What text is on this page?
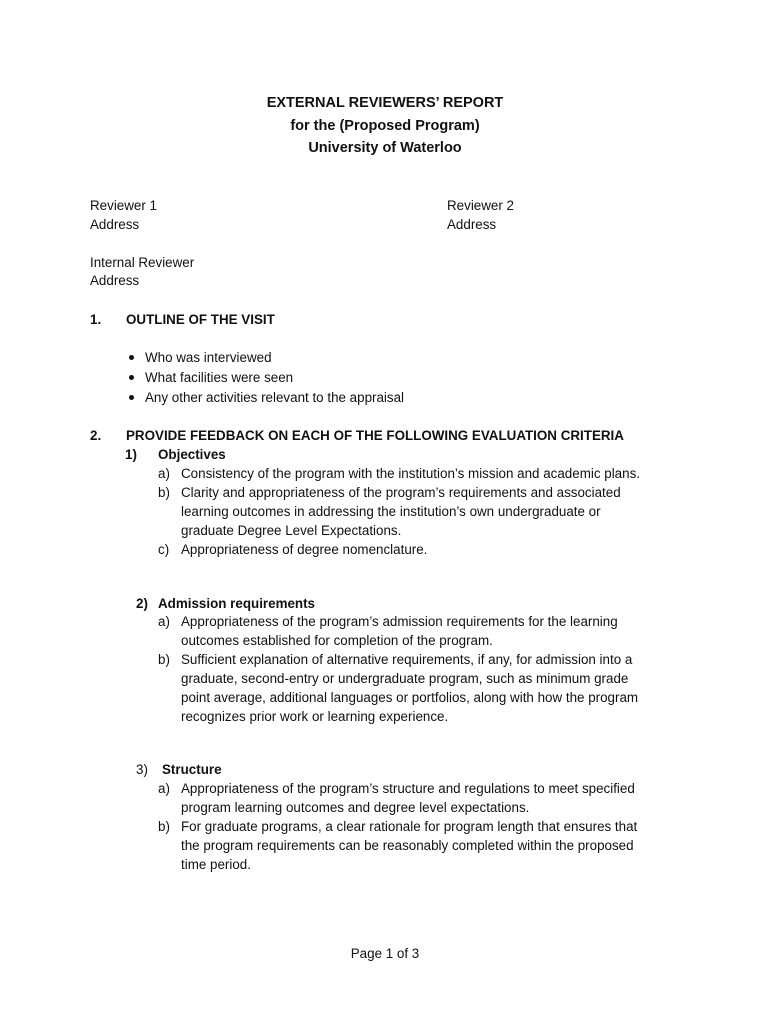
EXTERNAL REVIEWERS’ REPORT
for the (Proposed Program)
University of Waterloo
Reviewer 1
Address
Reviewer 2
Address
Internal Reviewer
Address
1. OUTLINE OF THE VISIT
Who was interviewed
What facilities were seen
Any other activities relevant to the appraisal
2. PROVIDE FEEDBACK ON EACH OF THE FOLLOWING EVALUATION CRITERIA
1) Objectives
a) Consistency of the program with the institution’s mission and academic plans.
b) Clarity and appropriateness of the program’s requirements and associated
learning outcomes in addressing the institution’s own undergraduate or
graduate Degree Level Expectations.
c) Appropriateness of degree nomenclature.
2) Admission requirements
a) Appropriateness of the program’s admission requirements for the learning
outcomes established for completion of the program.
b) Sufficient explanation of alternative requirements, if any, for admission into a
graduate, second-entry or undergraduate program, such as minimum grade
point average, additional languages or portfolios, along with how the program
recognizes prior work or learning experience.
3) Structure
a) Appropriateness of the program’s structure and regulations to meet specified
program learning outcomes and degree level expectations.
b) For graduate programs, a clear rationale for program length that ensures that
the program requirements can be reasonably completed within the proposed
time period.
Page 1 of 3
